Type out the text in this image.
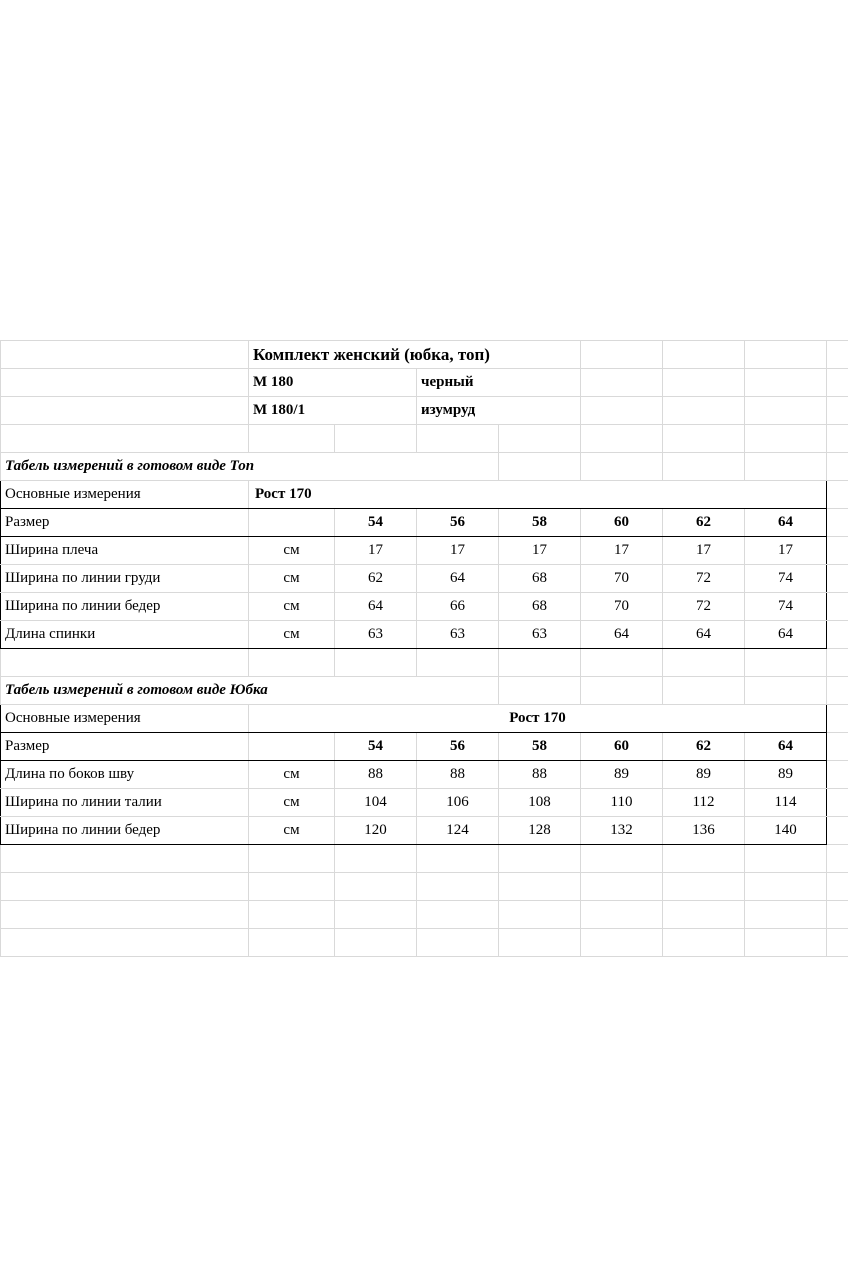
	Комплект женский (юбка, топ)							
	М 180		черный					
	М 180/1		изумруд					

Табель измерений в готовом виде Топ								
Основные измерения	Рост 170							
Размер		54	56	58	60	62	64	
Ширина плеча	см	17	17	17	17	17	17	
Ширина по линии груди	см	62	64	68	70	72	74	
Ширина по линии бедер	см	64	66	68	70	72	74	
Длина спинки	см	63	63	63	64	64	64	

Табель измерений в готовом виде Юбка								
Основные измерения	Рост 170							
Размер		54	56	58	60	62	64	
Длина по боков шву	см	88	88	88	89	89	89	
Ширина по линии талии	см	104	106	108	110	112	114	
Ширина по линии бедер	см	120	124	128	132	136	140	
